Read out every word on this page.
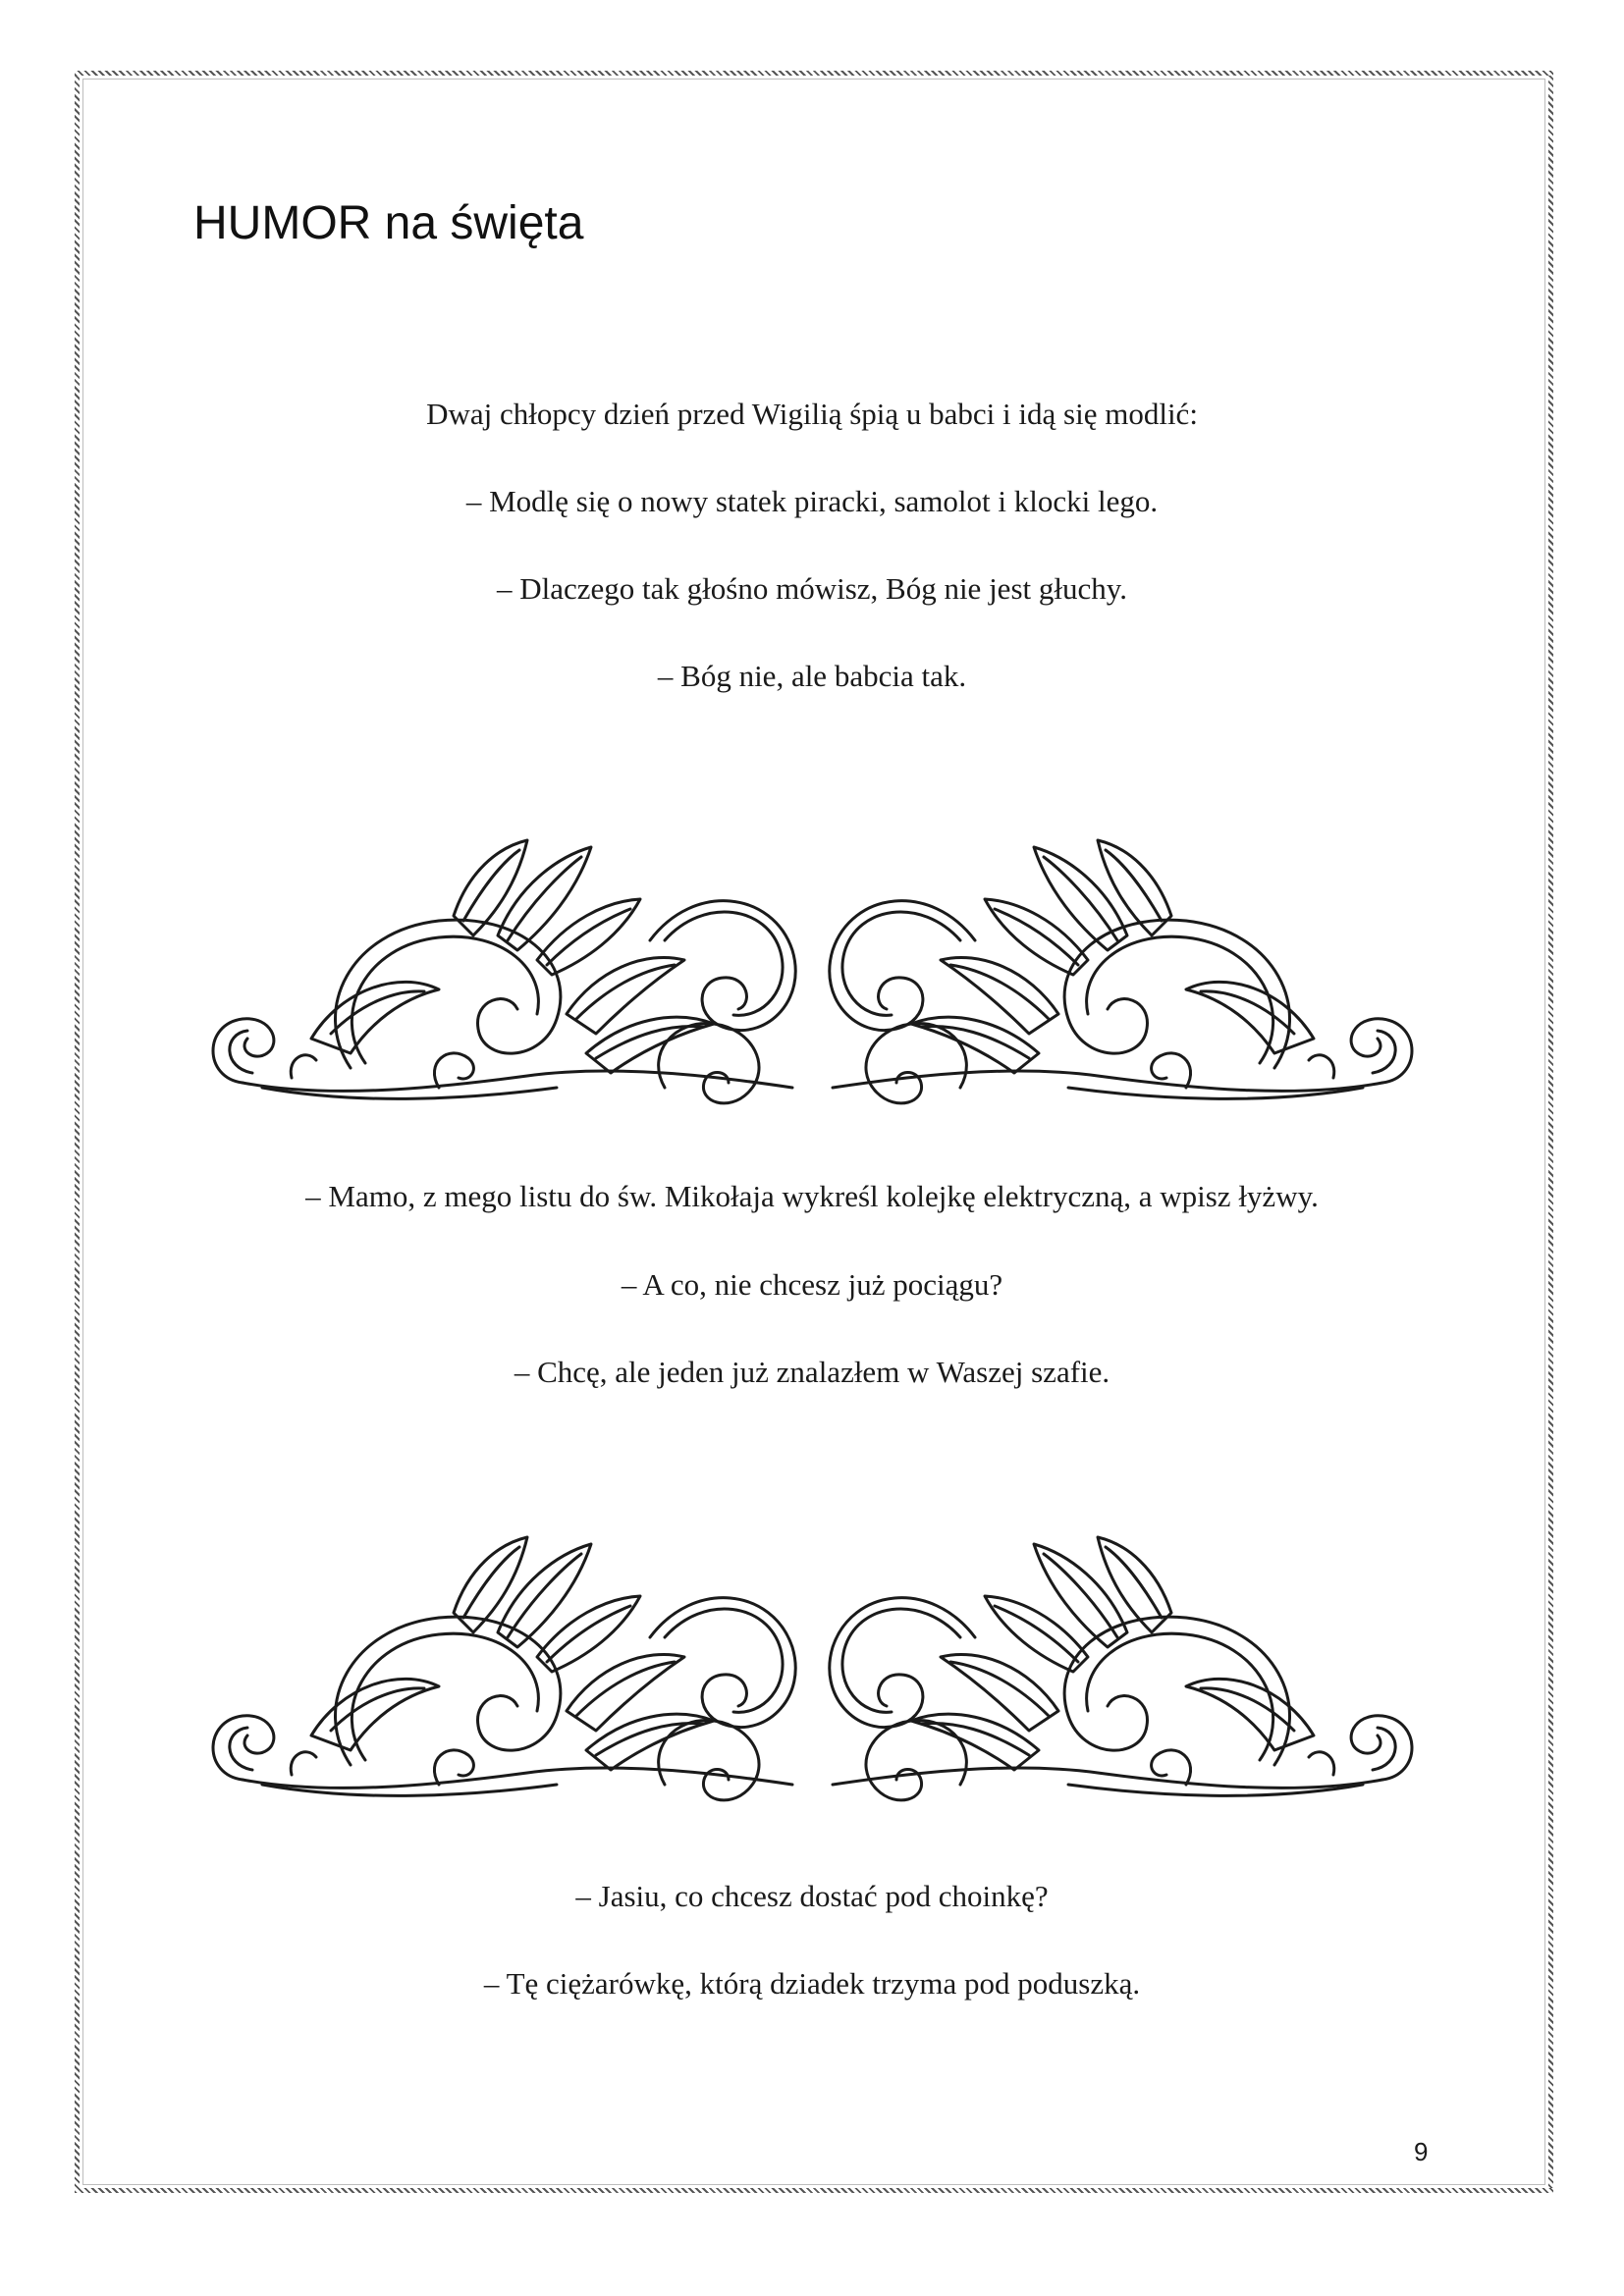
HUMOR na święta

Dwaj chłopcy dzień przed Wigilią śpią u babci i idą się modlić:

– Modlę się o nowy statek piracki, samolot i klocki lego.

– Dlaczego tak głośno mówisz, Bóg nie jest głuchy.

– Bóg nie, ale babcia tak.

– Mamo, z mego listu do św. Mikołaja wykreśl kolejkę elektryczną, a wpisz łyżwy.

– A co, nie chcesz już pociągu?

– Chcę, ale jeden już znalazłem w Waszej szafie.

– Jasiu, co chcesz dostać pod choinkę?

– Tę ciężarówkę, którą dziadek trzyma pod poduszką.

9
